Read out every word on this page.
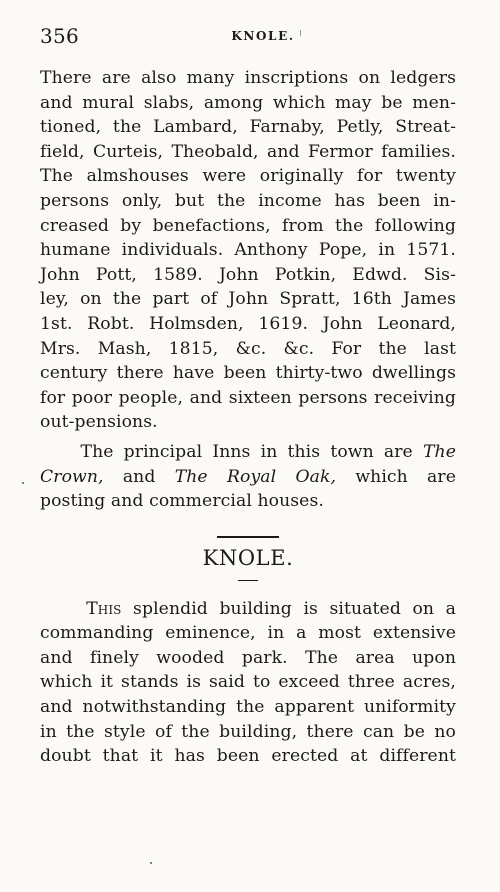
356	KNOLE.
There are also many inscriptions on ledgers
and mural slabs, among which may be men-
tioned, the Lambard, Farnaby, Petly, Streat-
field, Curteis, Theobald, and Fermor families.
The almshouses were originally for twenty
persons only, but the income has been in-
creased by benefactions, from the following
humane individuals. Anthony Pope, in 1571.
John Pott, 1589. John Potkin, Edwd. Sis-
ley, on the part of John Spratt, 16th James
1st. Robt. Holmsden, 1619. John Leonard,
Mrs. Mash, 1815, &c. &c. For the last
century there have been thirty-two dwellings
for poor people, and sixteen persons receiving
out-pensions.
The principal Inns in this town are The
Crown, and The Royal Oak, which are
posting and commercial houses.
KNOLE.
This splendid building is situated on a
commanding eminence, in a most extensive
and finely wooded park. The area upon
which it stands is said to exceed three acres,
and notwithstanding the apparent uniformity
in the style of the building, there can be no
doubt that it has been erected at different
